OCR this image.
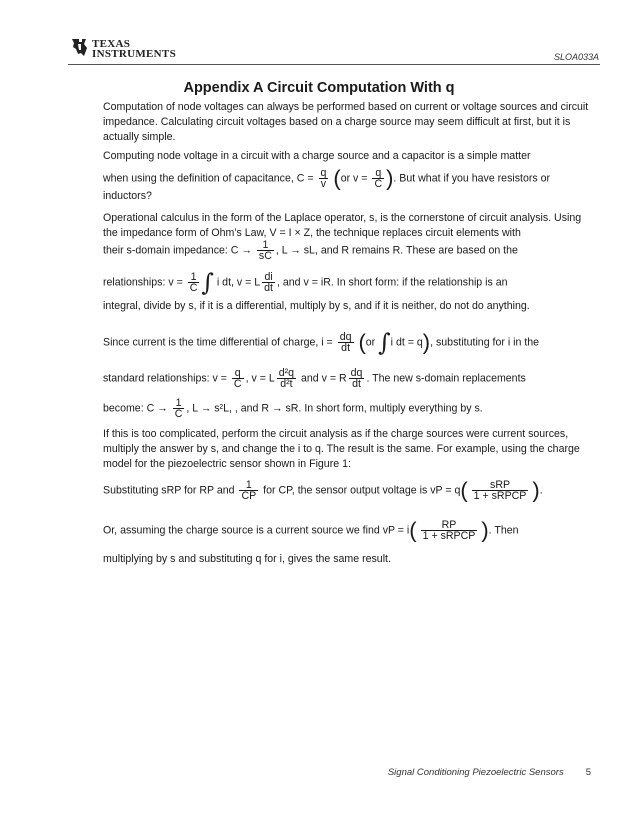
TEXAS
INSTRUMENTS	SLOA033A
Appendix A Circuit Computation With q
Computation of node voltages can always be performed based on current or voltage sources and circuit impedance. Calculating circuit voltages based on a charge source may seem difficult at first, but it is actually simple.
Computing node voltage in a circuit with a charge source and a capacitor is a simple matter
when using the definition of capacitance, $C = \frac{q}{v} (or$ $v = \frac{q}{C}$ ). But what if you have resistors or
inductors?
Operational calculus in the form of the Laplace operator, s, is the cornerstone of circuit analysis. Using the impedance form of Ohm’s Law, V = I × Z, the technique replaces circuit elements with
their s-domain impedance: $C \to \frac{1}{sC}$ , L → sL, and R remains R. These are based on the
relationships: $v = \frac{1}{C}$ ∫ i dt, v = L $\frac{di}{dt}$ , and v = iR. In short form: if the relationship is an
integral, divide by s, if it is a differential, multiply by s, and if it is neither, do not do anything.
Since current is the time differential of charge, $i = \frac{dq}{dt} (or$ ∫i dt = q), substituting for i in the
standard relationships: $v = \frac{q}{C}$ , v = L $\frac{\text{d²q}}{\text{d²t}}$ and v = R $\frac{dq}{dt}$ . The new s-domain replacements
become: $C \to \frac{1}{C}$ , L → s²L, , and R → sR. In short form, multiply everything by s.
If this is too complicated, perform the circuit analysis as if the charge sources were current sources, multiply the answer by s, and change the i to q. The result is the same. For example, using the charge model for the piezoelectric sensor shown in Figure 1:
Substituting sRP for RP and $\frac{1}{CP}$ for CP, the sensor output voltage is vP = $q( \frac{\text{sRP}}{\text{1 + sRPCP}}$ ).
Or, assuming the charge source is a current source we find vP = $i( \frac{RP}{\text{1 + sRPCP}}$ ). Then
multiplying by s and substituting q for i, gives the same result.
Signal Conditioning Piezoelectric Sensors 5
